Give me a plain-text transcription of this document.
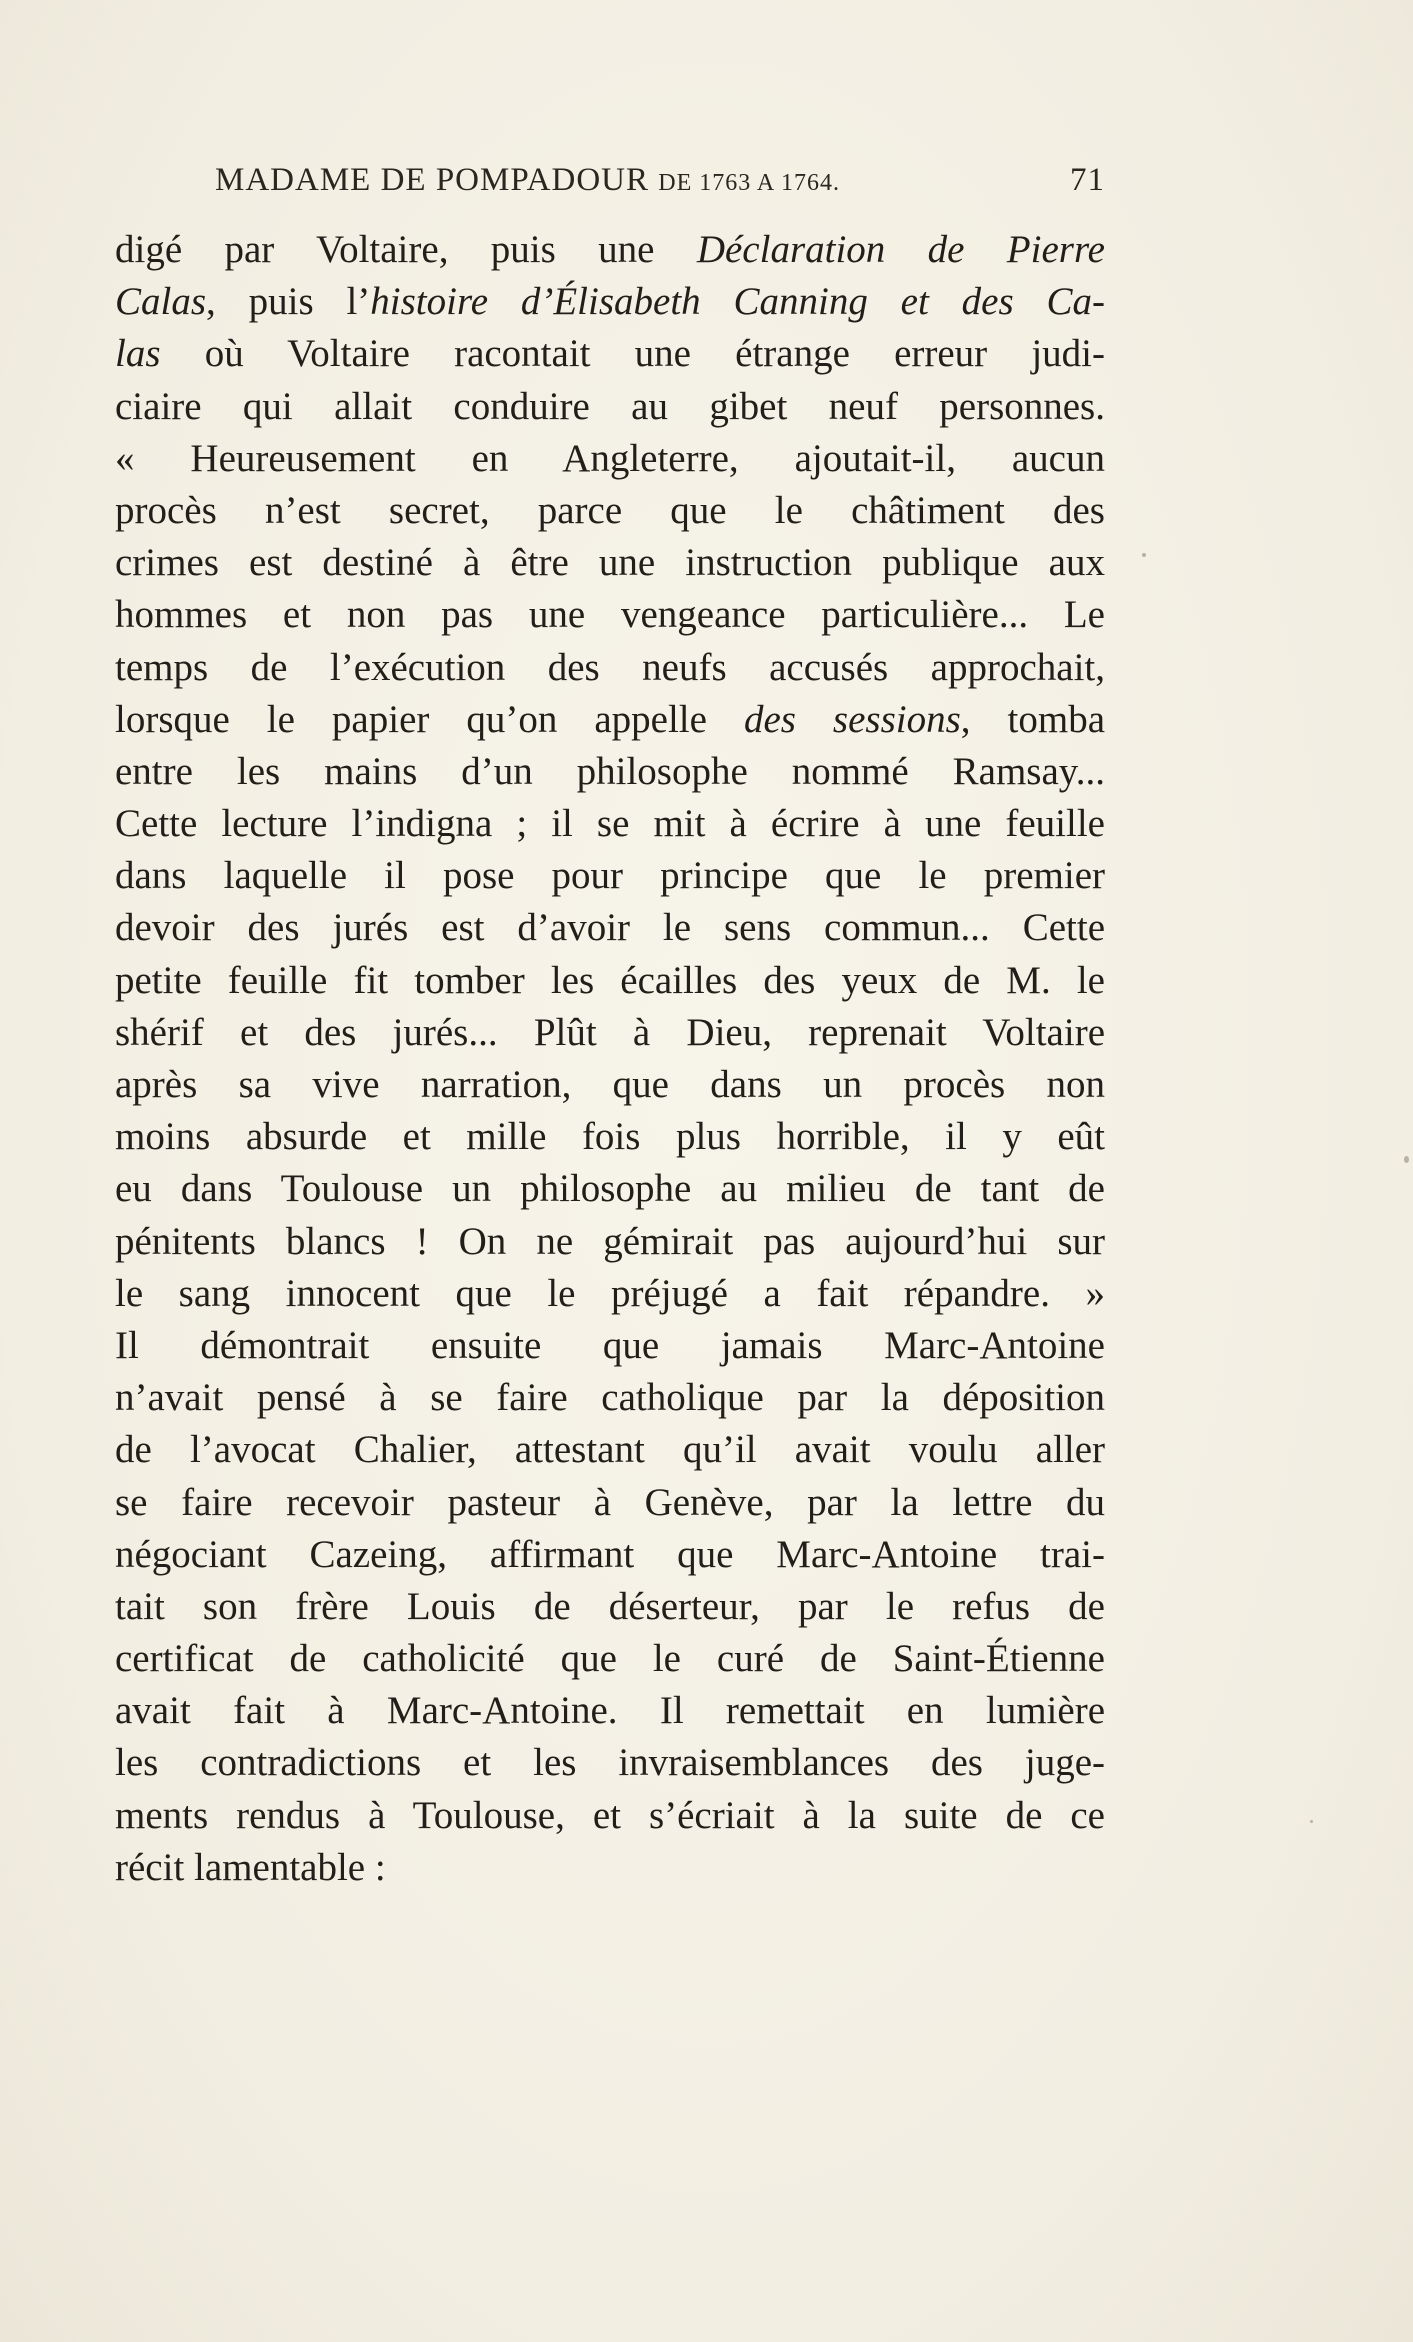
MADAME DE POMPADOUR DE 1763 A 1764.	71
digé par Voltaire, puis une Déclaration de Pierre
Calas, puis l’histoire d’Élisabeth Canning et des Ca-
las où Voltaire racontait une étrange erreur judi-
ciaire qui allait conduire au gibet neuf personnes.
« Heureusement en Angleterre, ajoutait-il, aucun
procès n’est secret, parce que le châtiment des
crimes est destiné à être une instruction publique aux
hommes et non pas une vengeance particulière... Le
temps de l’exécution des neufs accusés approchait,
lorsque le papier qu’on appelle des sessions, tomba
entre les mains d’un philosophe nommé Ramsay...
Cette lecture l’indigna ; il se mit à écrire à une feuille
dans laquelle il pose pour principe que le premier
devoir des jurés est d’avoir le sens commun... Cette
petite feuille fit tomber les écailles des yeux de M. le
shérif et des jurés... Plût à Dieu, reprenait Voltaire
après sa vive narration, que dans un procès non
moins absurde et mille fois plus horrible, il y eût
eu dans Toulouse un philosophe au milieu de tant de
pénitents blancs ! On ne gémirait pas aujourd’hui sur
le sang innocent que le préjugé a fait répandre. »
Il démontrait ensuite que jamais Marc-Antoine
n’avait pensé à se faire catholique par la déposition
de l’avocat Chalier, attestant qu’il avait voulu aller
se faire recevoir pasteur à Genève, par la lettre du
négociant Cazeing, affirmant que Marc-Antoine trai-
tait son frère Louis de déserteur, par le refus de
certificat de catholicité que le curé de Saint-Étienne
avait fait à Marc-Antoine. Il remettait en lumière
les contradictions et les invraisemblances des juge-
ments rendus à Toulouse, et s’écriait à la suite de ce
récit lamentable :
